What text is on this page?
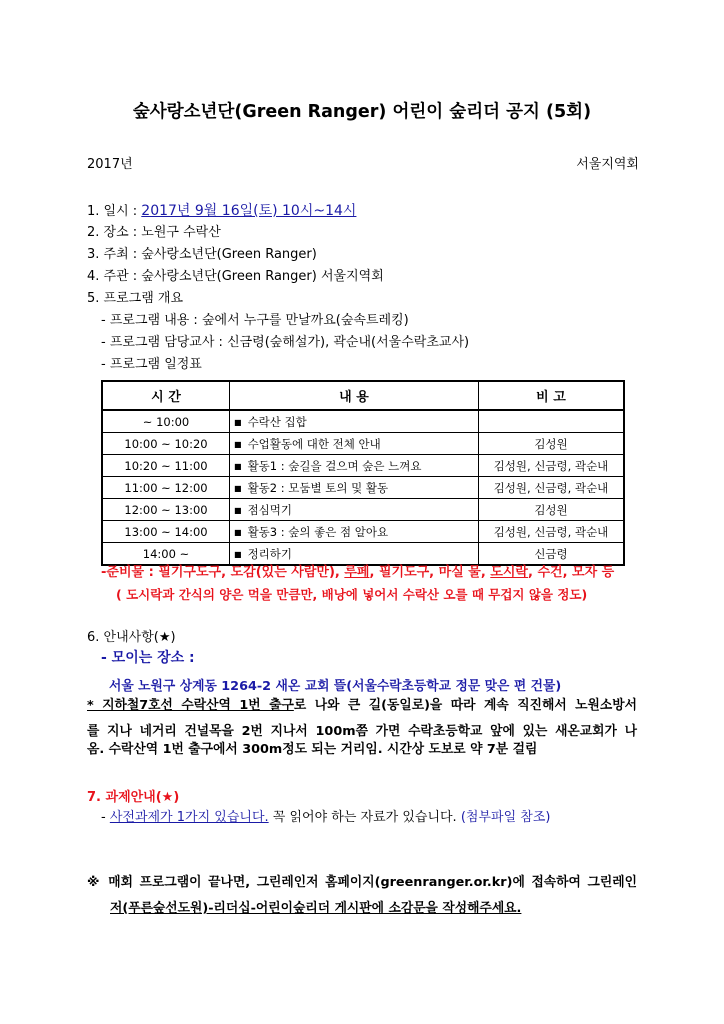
숲사랑소년단(Green Ranger) 어린이 숲리더 공지 (5회)
2017년	서울지역회
1. 일시 : 2017년 9월 16일(토) 10시~14시
2. 장소 : 노원구 수락산
3. 주최 : 숲사랑소년단(Green Ranger)
4. 주관 : 숲사랑소년단(Green Ranger) 서울지역회
5. 프로그램 개요
- 프로그램 내용 : 숲에서 누구를 만날까요(숲속트레킹)
- 프로그램 담당교사 : 신금령(숲해설가), 곽순내(서울수락초교사)
- 프로그램 일정표
시 간	내 용	비 고
~ 10:00	■ 수락산 집합	
10:00 ~ 10:20	■ 수업활동에 대한 전체 안내	김성원
10:20 ~ 11:00	■ 활동1 : 숲길을 걸으며 숲은 느껴요	김성원, 신금령, 곽순내
11:00 ~ 12:00	■ 활동2 : 모둠별 토의 및 활동	김성원, 신금령, 곽순내
12:00 ~ 13:00	■ 점심먹기	김성원
13:00 ~ 14:00	■ 활동3 : 숲의 좋은 점 알아요	김성원, 신금령, 곽순내
14:00 ~	■ 정리하기	신금령
-준비물 : 필기구도구, 도감(있는 사람만), 루페, 필기도구, 마실 물, 도시락, 수건, 모자 등
( 도시락과 간식의 양은 먹을 만큼만, 배낭에 넣어서 수락산 오를 때 무겁지 않을 정도)
6. 안내사항(★)
- 모이는 장소 :
서울 노원구 상계동 1264-2 새온 교회 뜰(서울수락초등학교 정문 맞은 편 건물)
* 지하철7호선 수락산역 1번 출구로 나와 큰 길(동일로)을 따라 계속 직진해서 노원소방서
를 지나 네거리 건널목을 2번 지나서 100m쯤 가면 수락초등학교 앞에 있는 새온교회가 나
옴. 수락산역 1번 출구에서 300m정도 되는 거리임. 시간상 도보로 약 7분 걸림
7. 과제안내(★)
- 사전과제가 1가지 있습니다. 꼭 읽어야 하는 자료가 있습니다. (첨부파일 참조)
※ 매회 프로그램이 끝나면, 그린레인저 홈페이지(greenranger.or.kr)에 접속하여 그린레인
저(푸른숲선도원)-리더십-어린이숲리더 게시판에 소감문을 작성해주세요.
